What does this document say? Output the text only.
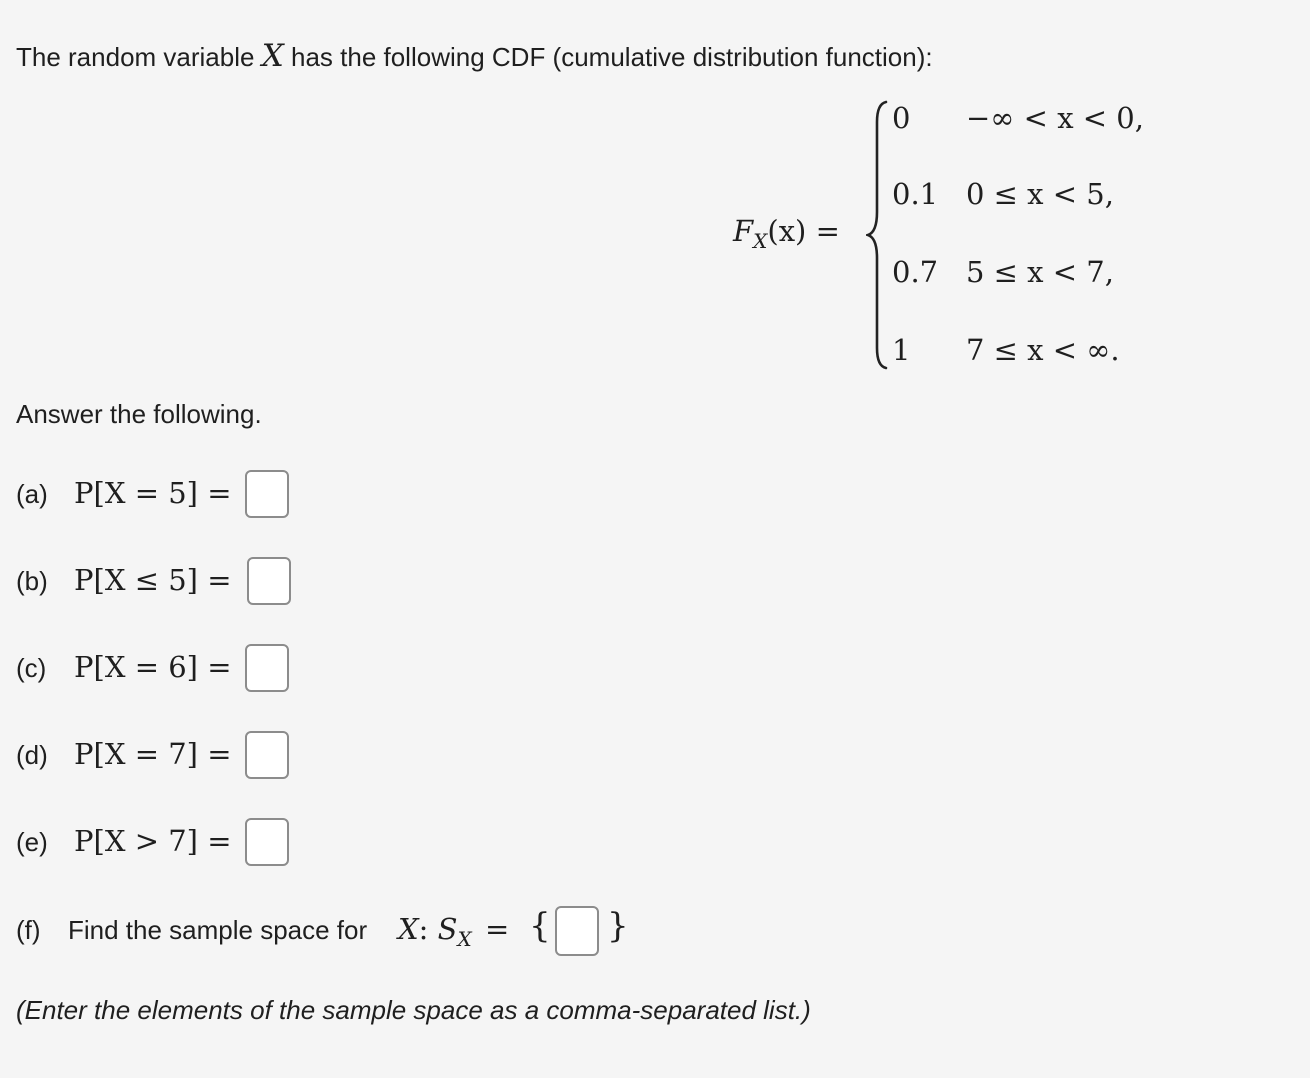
The random variable X has the following CDF (cumulative distribution function):
$F_X(x)$ =
0 −∞ < x < 0,
0.1 0 ≤ x < 5,
0.7 5 ≤ x < 7,
1 7 ≤ x < ∞.
Answer the following.
(a) P[X = 5] =
(b) P[X ≤ 5] =
(c) P[X = 6] =
(d) P[X = 7] =
(e) P[X > 7] =
(f) Find the sample space for X: $S_X$ = { }
(Enter the elements of the sample space as a comma-separated list.)
